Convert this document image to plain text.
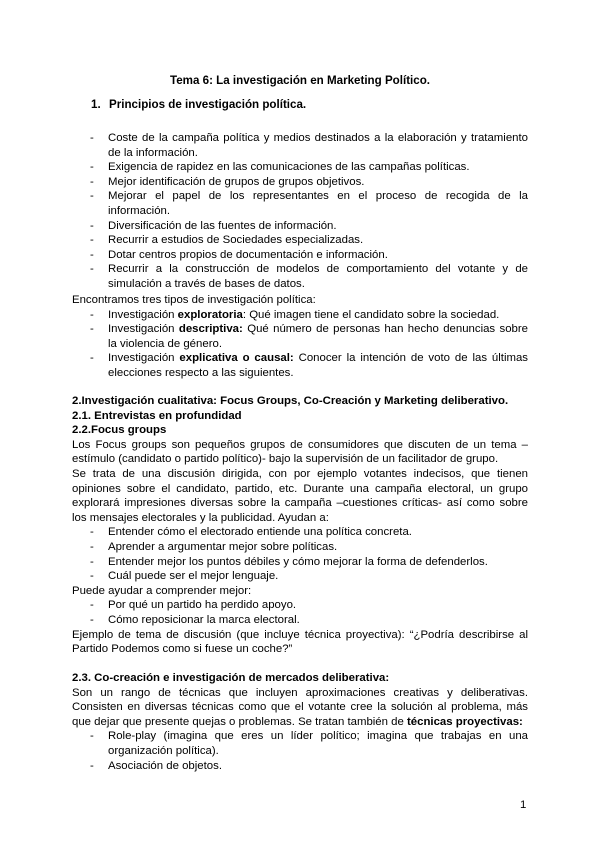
Tema 6: La investigación en Marketing Político.
1. Principios de investigación política.
- Coste de la campaña política y medios destinados a la elaboración y tratamiento de la información.
- Exigencia de rapidez en las comunicaciones de las campañas políticas.
- Mejor identificación de grupos de grupos objetivos.
- Mejorar el papel de los representantes en el proceso de recogida de la información.
- Diversificación de las fuentes de información.
- Recurrir a estudios de Sociedades especializadas.
- Dotar centros propios de documentación e información.
- Recurrir a la construcción de modelos de comportamiento del votante y de simulación a través de bases de datos.

Encontramos tres tipos de investigación política:

- Investigación exploratoria: Qué imagen tiene el candidato sobre la sociedad.
- Investigación descriptiva: Qué número de personas han hecho denuncias sobre la violencia de género.
- Investigación explicativa o causal: Conocer la intención de voto de las últimas elecciones respecto a las siguientes.
2.Investigación cualitativa: Focus Groups, Co-Creación y Marketing deliberativo.
2.1. Entrevistas en profundidad
2.2.Focus groups

Los Focus groups son pequeños grupos de consumidores que discuten de un tema –estímulo (candidato o partido político)- bajo la supervisión de un facilitador de grupo.

Se trata de una discusión dirigida, con por ejemplo votantes indecisos, que tienen opiniones sobre el candidato, partido, etc. Durante una campaña electoral, un grupo explorará impresiones diversas sobre la campaña –cuestiones críticas- así como sobre los mensajes electorales y la publicidad. Ayudan a:

- Entender cómo el electorado entiende una política concreta.
- Aprender a argumentar mejor sobre políticas.
- Entender mejor los puntos débiles y cómo mejorar la forma de defenderlos.
- Cuál puede ser el mejor lenguaje.

Puede ayudar a comprender mejor:

- Por qué un partido ha perdido apoyo.
- Cómo reposicionar la marca electoral.

Ejemplo de tema de discusión (que incluye técnica proyectiva): “¿Podría describirse al Partido Podemos como si fuese un coche?”

2.3. Co-creación e investigación de mercados deliberativa:

Son un rango de técnicas que incluyen aproximaciones creativas y deliberativas. Consisten en diversas técnicas como que el votante cree la solución al problema, más que dejar que presente quejas o problemas. Se tratan también de técnicas proyectivas:

- Role-play (imagina que eres un líder político; imagina que trabajas en una organización política).
- Asociación de objetos.
1
